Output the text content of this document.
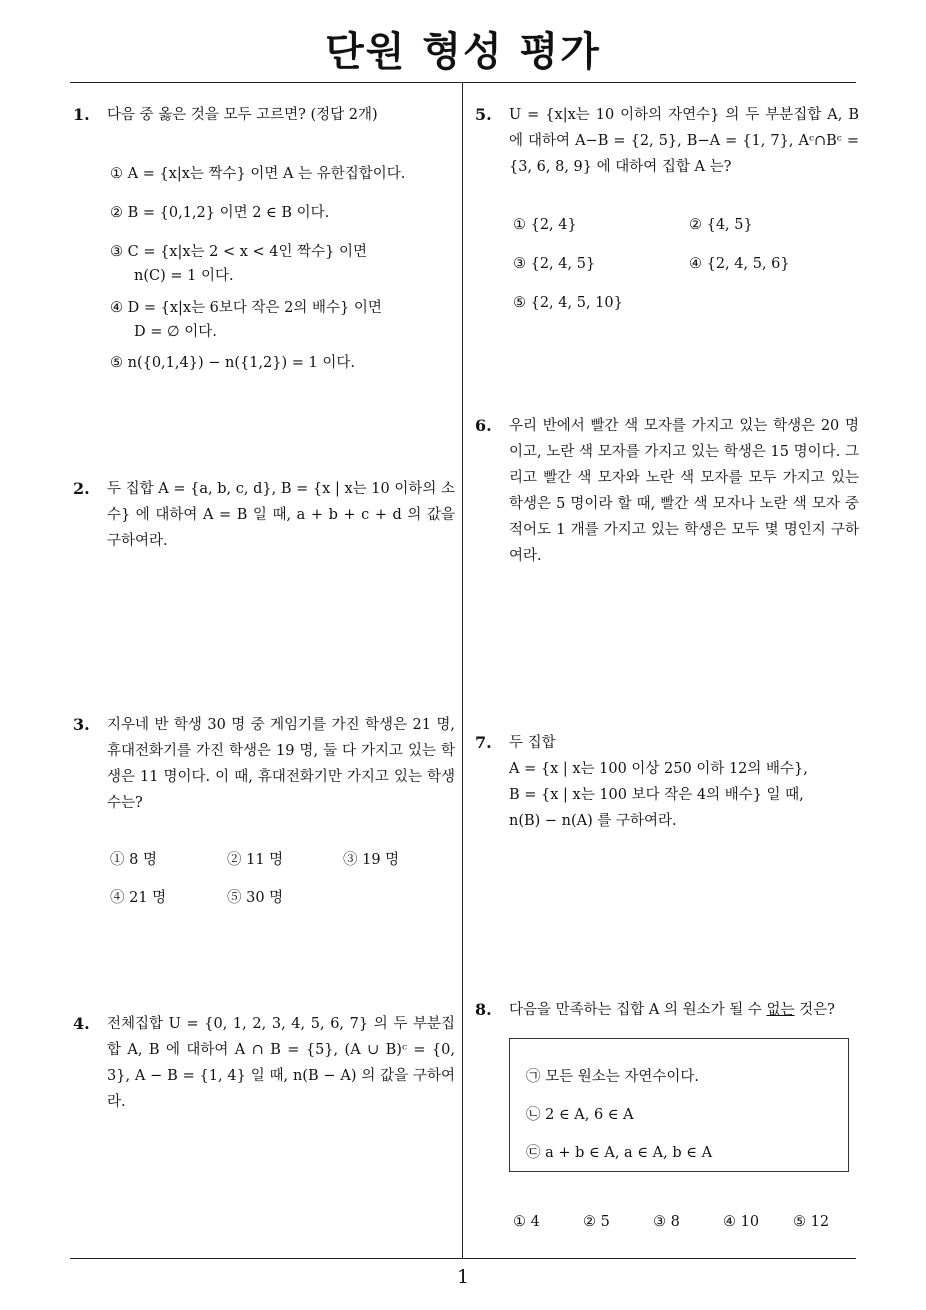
단원 형성 평가
1
1. 다음 중 옳은 것을 모두 고르면? (정답 2개)
① A = {x|x는 짝수} 이면 A 는 유한집합이다.
② B = {0,1,2} 이면 2 ∈ B 이다.
③ C = {x|x는 2 < x < 4인 짝수} 이면
n(C) = 1 이다.
④ D = {x|x는 6보다 작은 2의 배수} 이면
D = ∅ 이다.
⑤ n({0,1,4}) − n({1,2}) = 1 이다.
2. 두 집합 A = {a, b, c, d}, B = {x | x는 10 이하의 소수} 에 대하여 A = B 일 때, a + b + c + d 의 값을 구하여라.
3. 지우네 반 학생 30 명 중 게임기를 가진 학생은 21 명, 휴대전화기를 가진 학생은 19 명, 둘 다 가지고 있는 학생은 11 명이다. 이 때, 휴대전화기만 가지고 있는 학생 수는?
① 8 명	② 11 명	③ 19 명
④ 21 명	⑤ 30 명
4. 전체집합 U = {0, 1, 2, 3, 4, 5, 6, 7} 의 두 부분집합 A, B 에 대하여 A ∩ B = {5}, (A ∪ B)ᶜ = {0, 3}, A − B = {1, 4} 일 때, n(B − A) 의 값을 구하여라.
5. U = {x|x는 10 이하의 자연수} 의 두 부분집합 A, B 에 대하여 A−B = {2, 5}, B−A = {1, 7}, Aᶜ∩Bᶜ = {3, 6, 8, 9} 에 대하여 집합 A 는?
① {2, 4}	② {4, 5}
③ {2, 4, 5}	④ {2, 4, 5, 6}
⑤ {2, 4, 5, 10}
6. 우리 반에서 빨간 색 모자를 가지고 있는 학생은 20 명이고, 노란 색 모자를 가지고 있는 학생은 15 명이다. 그리고 빨간 색 모자와 노란 색 모자를 모두 가지고 있는 학생은 5 명이라 할 때, 빨간 색 모자나 노란 색 모자 중 적어도 1 개를 가지고 있는 학생은 모두 몇 명인지 구하여라.
7. 두 집합
A = {x | x는 100 이상 250 이하 12의 배수},
B = {x | x는 100 보다 작은 4의 배수} 일 때,
n(B) − n(A) 를 구하여라.
8. 다음을 만족하는 집합 A 의 원소가 될 수 없는 것은?
㉠ 모든 원소는 자연수이다.
㉡ 2 ∈ A, 6 ∈ A
㉢ a + b ∈ A, a ∈ A, b ∈ A
① 4	② 5	③ 8	④ 10 ⑤ 12
